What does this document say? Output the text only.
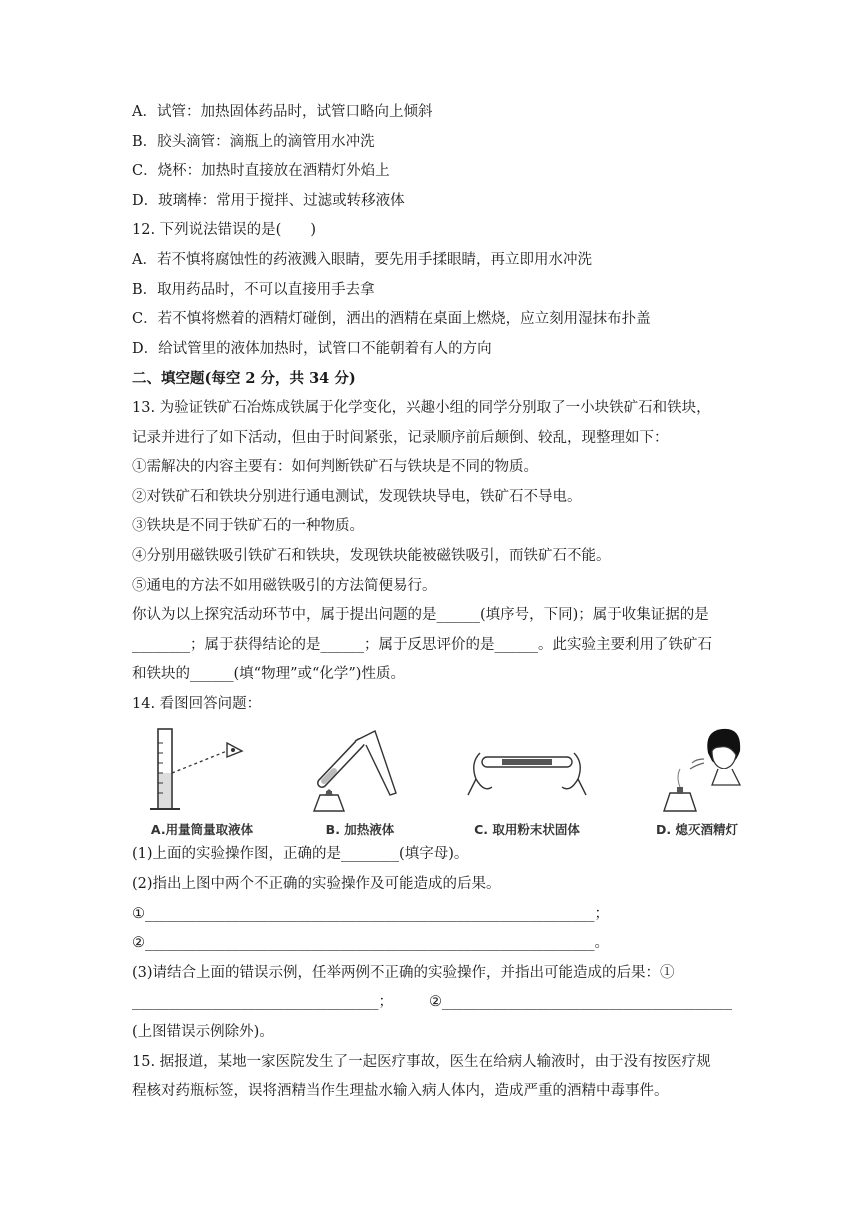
A．试管：加热固体药品时，试管口略向上倾斜
B．胶头滴管：滴瓶上的滴管用水冲洗
C．烧杯：加热时直接放在酒精灯外焰上
D．玻璃棒：常用于搅拌、过滤或转移液体
12. 下列说法错误的是(　　)
A．若不慎将腐蚀性的药液溅入眼睛，要先用手揉眼睛，再立即用水冲洗
B．取用药品时，不可以直接用手去拿
C．若不慎将燃着的酒精灯碰倒，洒出的酒精在桌面上燃烧，应立刻用湿抹布扑盖
D．给试管里的液体加热时，试管口不能朝着有人的方向
二、填空题(每空 2 分，共 34 分)
13. 为验证铁矿石冶炼成铁属于化学变化，兴趣小组的同学分别取了一小块铁矿石和铁块，
记录并进行了如下活动，但由于时间紧张，记录顺序前后颠倒、较乱，现整理如下：
①需解决的内容主要有：如何判断铁矿石与铁块是不同的物质。
②对铁矿石和铁块分别进行通电测试，发现铁块导电，铁矿石不导电。
③铁块是不同于铁矿石的一种物质。
④分别用磁铁吸引铁矿石和铁块，发现铁块能被磁铁吸引，而铁矿石不能。
⑤通电的方法不如用磁铁吸引的方法简便易行。
你认为以上探究活动环节中，属于提出问题的是______(填序号，下同)；属于收集证据的是
________；属于获得结论的是______；属于反思评价的是______。此实验主要利用了铁矿石
和铁块的______(填“物理”或“化学”)性质。
14. 看图回答问题：
A.用量筒量取液体	B. 加热液体	C. 取用粉末状固体	D. 熄灭酒精灯
(1)上面的实验操作图，正确的是________(填字母)。
(2)指出上图中两个不正确的实验操作及可能造成的后果。
①______________________________________________________________；
②______________________________________________________________。
(3)请结合上面的错误示例，任举两例不正确的实验操作，并指出可能造成的后果：①
__________________________________； ②________________________________________
(上图错误示例除外)。
15. 据报道，某地一家医院发生了一起医疗事故，医生在给病人输液时，由于没有按医疗规
程核对药瓶标签，误将酒精当作生理盐水输入病人体内，造成严重的酒精中毒事件。
